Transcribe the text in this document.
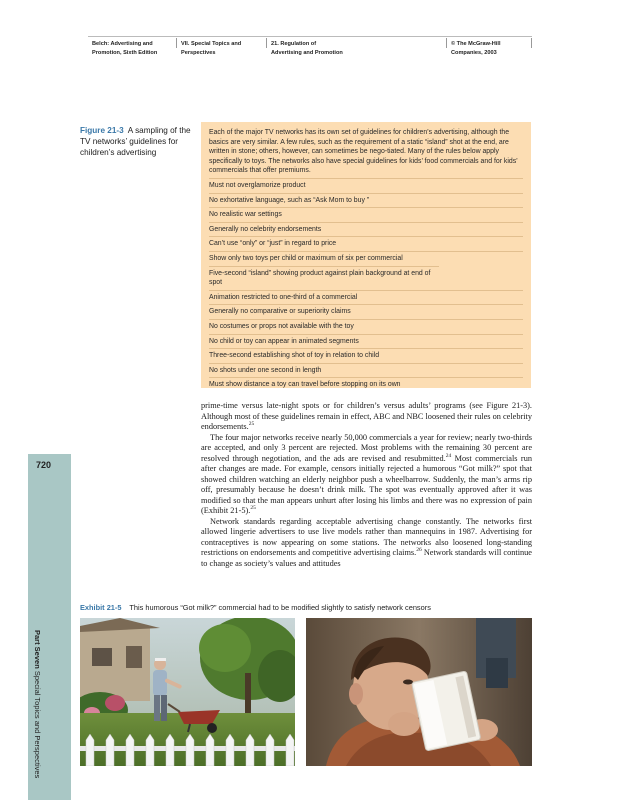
Belch: Advertising and
Promotion, Sixth Edition
VII. Special Topics and
Perspectives
21. Regulation of
Advertising and Promotion
© The McGraw-Hill
Companies, 2003
720
Part Seven Special Topics and Perspectives
Figure 21-3 A sampling of the TV networks’ guidelines for children’s advertising
Each of the major TV networks has its own set of guidelines for children’s advertising, although the basics are very similar. A few rules, such as the requirement of a static “island” shot at the end, are written in stone; others, however, can sometimes be nego-tiated. Many of the rules below apply specifically to toys. The networks also have special guidelines for kids’ food commercials and for kids’ commercials that offer premiums.
Must not overglamorize product
No exhortative language, such as “Ask Mom to buy ”
No realistic war settings
Generally no celebrity endorsements
Can’t use “only” or “just” in regard to price
Show only two toys per child or maximum of six per commercial
Five-second “island” showing product against plain background at end of spot
Animation restricted to one-third of a commercial
Generally no comparative or superiority claims
No costumes or props not available with the toy
No child or toy can appear in animated segments
Three-second establishing shot of toy in relation to child
No shots under one second in length
Must show distance a toy can travel before stopping on its own

prime-time versus late-night spots or for children’s versus adults’ programs (see Figure 21-3). Although most of these guidelines remain in effect, ABC and NBC loosened their rules on celebrity endorsements.$^{25}$

The four major networks receive nearly 50,000 commercials a year for review; nearly two-thirds are accepted, and only 3 percent are rejected. Most problems with the remaining 30 percent are resolved through negotiation, and the ads are revised and resubmitted.$^{24}$ Most commercials run after changes are made. For example, censors initially rejected a humorous “Got milk?” spot that showed children watching an elderly neighbor push a wheelbarrow. Suddenly, the man’s arms rip off, presumably because he doesn’t drink milk. The spot was eventually approved after it was modified so that the man appears unhurt after losing his limbs and there was no expression of pain (Exhibit 21-5).$^{25}$

Network standards regarding acceptable advertising change constantly. The networks first allowed lingerie advertisers to use live models rather than mannequins in 1987. Advertising for contraceptives is now appearing on some stations. The networks also loosened long-standing restrictions on endorsements and competitive advertising claims.$^{26}$ Network standards will continue to change as society’s values and attitudes

Exhibit 21-5 This humorous “Got milk?” commercial had to be modified slightly to satisfy network censors
